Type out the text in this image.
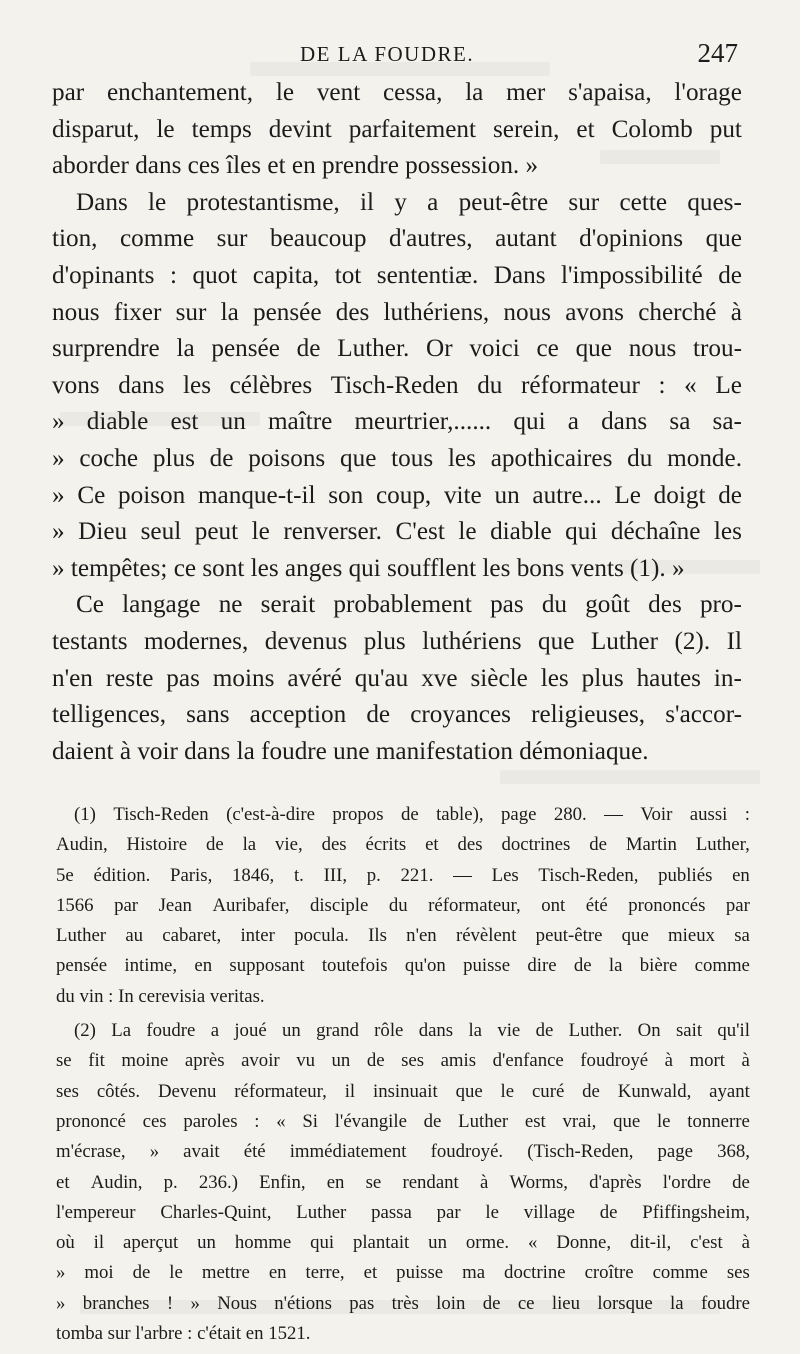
DE LA FOUDRE.	247
par enchantement, le vent cessa, la mer s'apaisa, l'orage
disparut, le temps devint parfaitement serein, et Colomb put
aborder dans ces îles et en prendre possession. »
Dans le protestantisme, il y a peut-être sur cette ques-
tion, comme sur beaucoup d'autres, autant d'opinions que
d'opinants : quot capita, tot sententiæ. Dans l'impossibilité de
nous fixer sur la pensée des luthériens, nous avons cherché à
surprendre la pensée de Luther. Or voici ce que nous trou-
vons dans les célèbres Tisch-Reden du réformateur : « Le
» diable est un maître meurtrier,...... qui a dans sa sa-
» coche plus de poisons que tous les apothicaires du monde.
» Ce poison manque-t-il son coup, vite un autre... Le doigt de
» Dieu seul peut le renverser. C'est le diable qui déchaîne les
» tempêtes; ce sont les anges qui soufflent les bons vents (1). »
Ce langage ne serait probablement pas du goût des pro-
testants modernes, devenus plus luthériens que Luther (2). Il
n'en reste pas moins avéré qu'au xve siècle les plus hautes in-
telligences, sans acception de croyances religieuses, s'accor-
daient à voir dans la foudre une manifestation démoniaque.
(1) Tisch-Reden (c'est-à-dire propos de table), page 280. — Voir aussi :
Audin, Histoire de la vie, des écrits et des doctrines de Martin Luther,
5e édition. Paris, 1846, t. III, p. 221. — Les Tisch-Reden, publiés en
1566 par Jean Auribafer, disciple du réformateur, ont été prononcés par
Luther au cabaret, inter pocula. Ils n'en révèlent peut-être que mieux sa
pensée intime, en supposant toutefois qu'on puisse dire de la bière comme
du vin : In cerevisia veritas.
(2) La foudre a joué un grand rôle dans la vie de Luther. On sait qu'il
se fit moine après avoir vu un de ses amis d'enfance foudroyé à mort à
ses côtés. Devenu réformateur, il insinuait que le curé de Kunwald, ayant
prononcé ces paroles : « Si l'évangile de Luther est vrai, que le tonnerre
m'écrase, » avait été immédiatement foudroyé. (Tisch-Reden, page 368,
et Audin, p. 236.) Enfin, en se rendant à Worms, d'après l'ordre de
l'empereur Charles-Quint, Luther passa par le village de Pfiffingsheim,
où il aperçut un homme qui plantait un orme. « Donne, dit-il, c'est à
» moi de le mettre en terre, et puisse ma doctrine croître comme ses
» branches ! » Nous n'étions pas très loin de ce lieu lorsque la foudre
tomba sur l'arbre : c'était en 1521.
